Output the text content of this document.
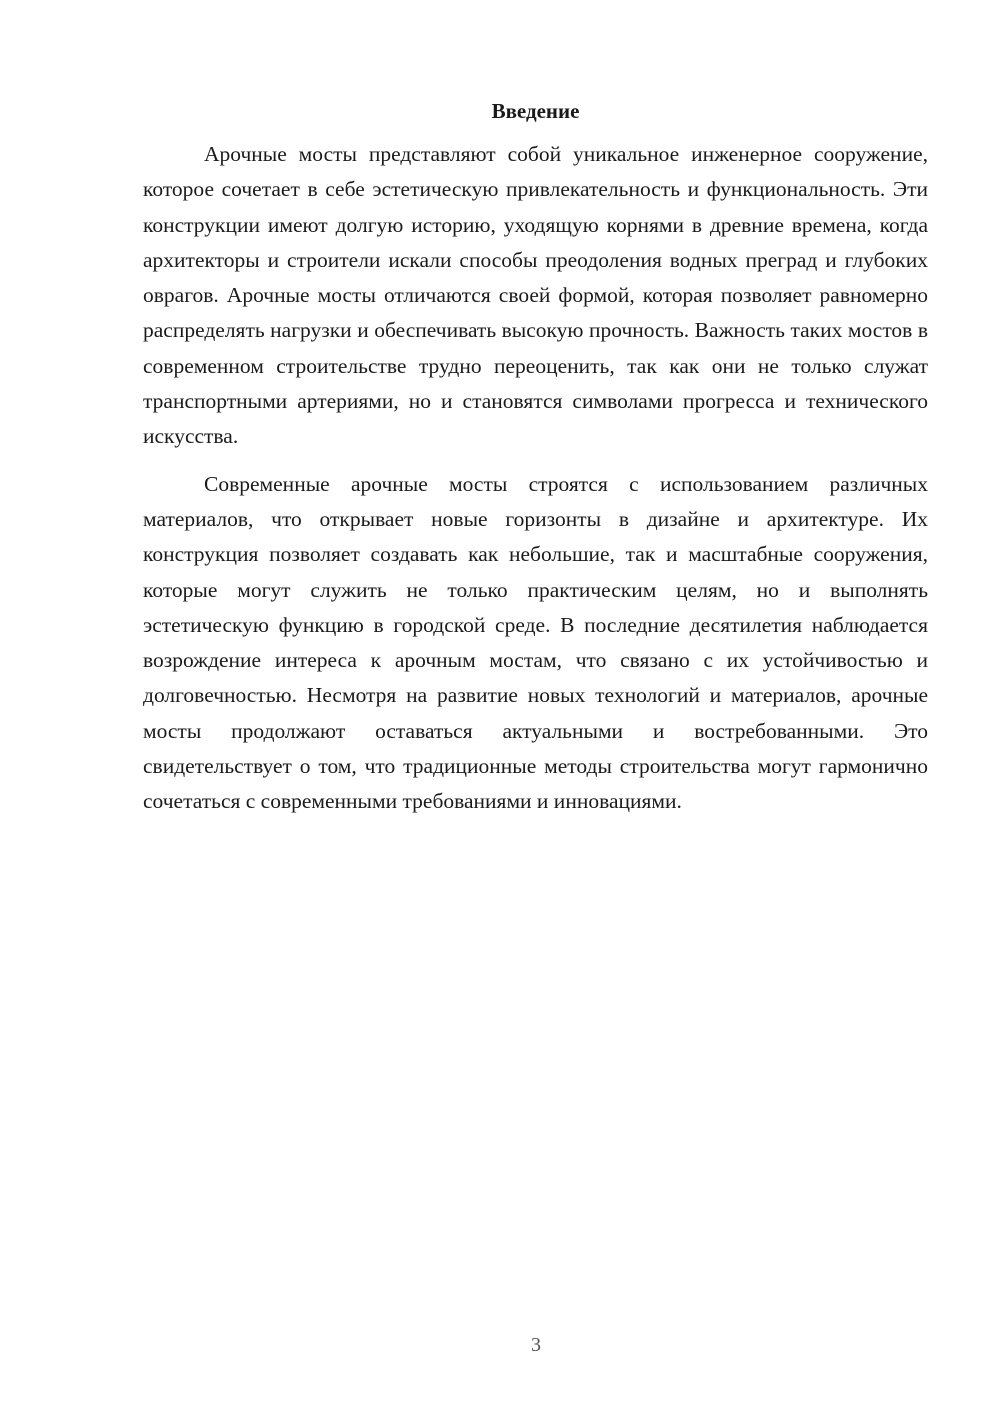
Введение

Арочные мосты представляют собой уникальное инженерное сооружение, которое сочетает в себе эстетическую привлекательность и функциональность. Эти конструкции имеют долгую историю, уходящую корнями в древние времена, когда архитекторы и строители искали способы преодоления водных преград и глубоких оврагов. Арочные мосты отличаются своей формой, которая позволяет равномерно распределять нагрузки и обеспечивать высокую прочность. Важность таких мостов в современном строительстве трудно переоценить, так как они не только служат транспортными артериями, но и становятся символами прогресса и технического искусства.

Современные арочные мосты строятся с использованием различных материалов, что открывает новые горизонты в дизайне и архитектуре. Их конструкция позволяет создавать как небольшие, так и масштабные сооружения, которые могут служить не только практическим целям, но и выполнять эстетическую функцию в городской среде. В последние десятилетия наблюдается возрождение интереса к арочным мостам, что связано с их устойчивостью и долговечностью. Несмотря на развитие новых технологий и материалов, арочные мосты продолжают оставаться актуальными и востребованными. Это свидетельствует о том, что традиционные методы строительства могут гармонично сочетаться с современными требованиями и инновациями.

3
